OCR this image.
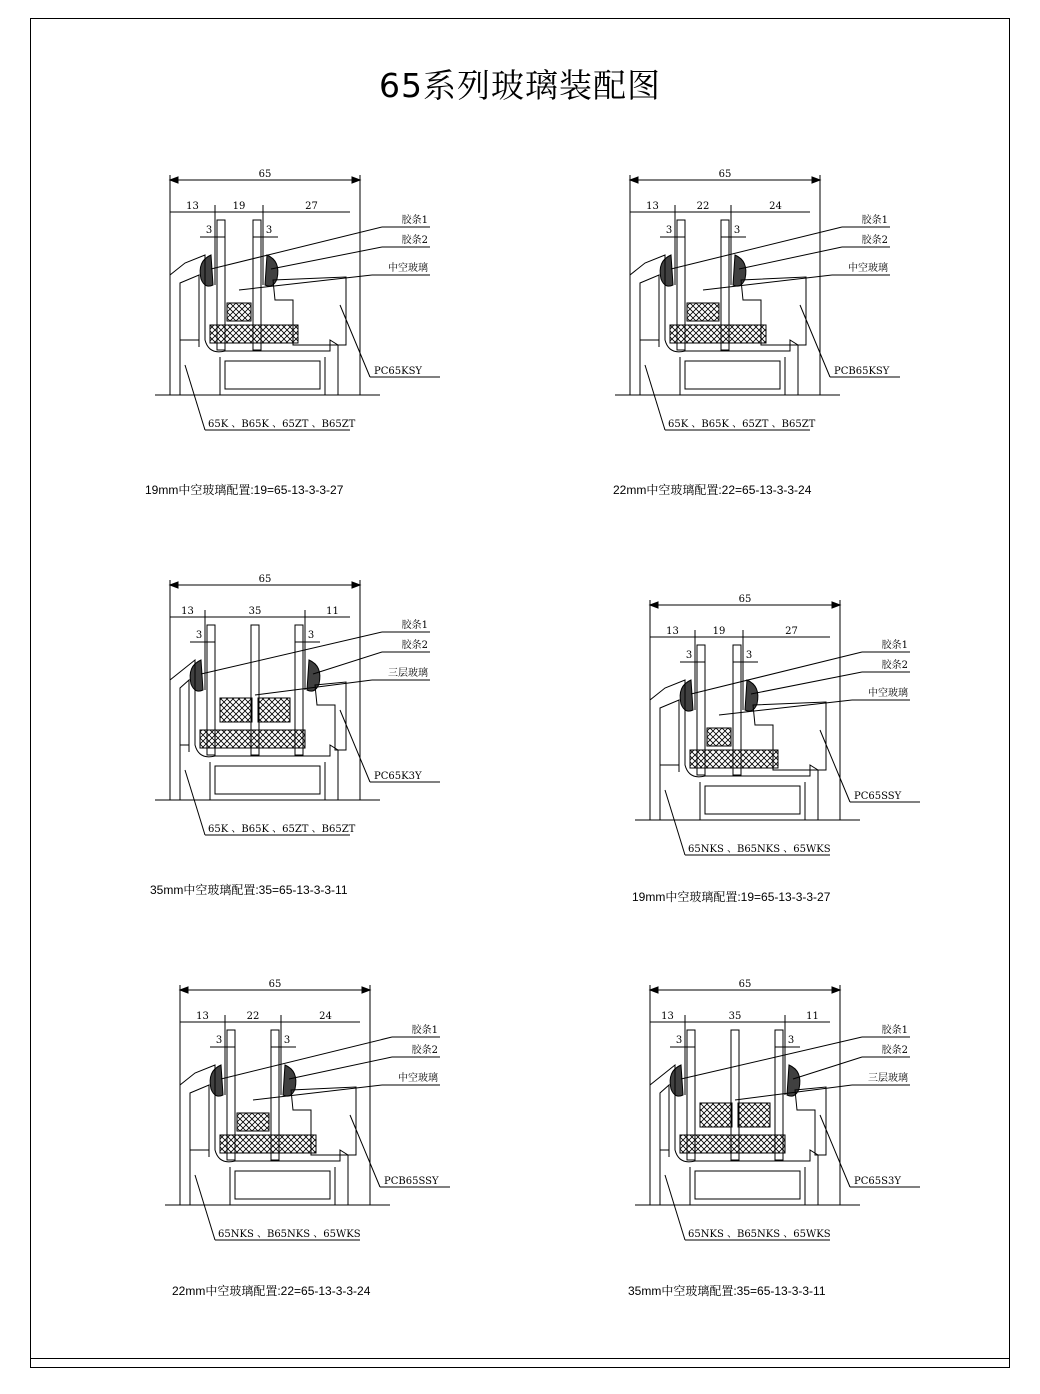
65系列玻璃装配图
65
13	19	27
3	3
胶条1
胶条2
中空玻璃
PC65KSY
65K 、B65K 、65ZT 、B65ZT
65
13	22	24
3	3
胶条1
胶条2
中空玻璃
PCB65KSY
65K 、B65K 、65ZT 、B65ZT
65
13	35	11
3	3
胶条1
胶条2
三层玻璃
PC65K3Y
65K 、B65K 、65ZT 、B65ZT
65
13	19	27
3	3
胶条1
胶条2
中空玻璃
PC65SSY
65NKS 、B65NKS 、65WKS
65
13	22	24
3	3
胶条1
胶条2
中空玻璃
PCB65SSY
65NKS 、B65NKS 、65WKS
65
13	35	11
3	3
胶条1
胶条2
三层玻璃
PC65S3Y
65NKS 、B65NKS 、65WKS
19mm中空玻璃配置:19=65-13-3-3-27	22mm中空玻璃配置:22=65-13-3-3-24
35mm中空玻璃配置:35=65-13-3-3-11	19mm中空玻璃配置:19=65-13-3-3-27
22mm中空玻璃配置:22=65-13-3-3-24	35mm中空玻璃配置:35=65-13-3-3-11
